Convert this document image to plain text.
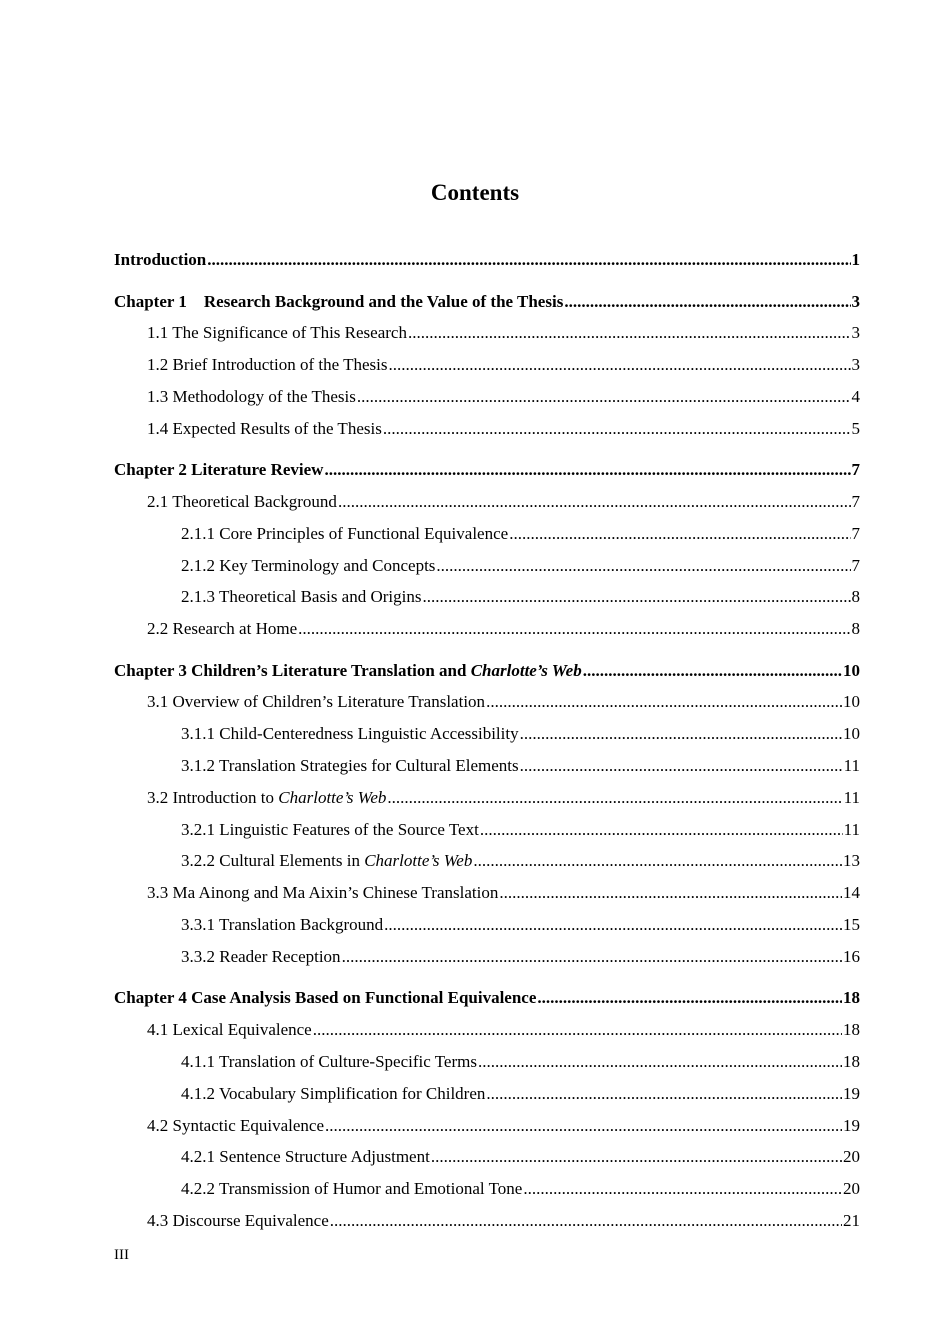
Contents
Introduction .....	1
Chapter 1    Research Background and the Value of the Thesis .....	3
1.1 The Significance of This Research .....	3
1.2 Brief Introduction of the Thesis .....	3
1.3 Methodology of the Thesis .....	4
1.4 Expected Results of the Thesis .....	5
Chapter 2 Literature Review .....	7
2.1 Theoretical Background .....	7
2.1.1 Core Principles of Functional Equivalence .....	7
2.1.2 Key Terminology and Concepts .....	7
2.1.3 Theoretical Basis and Origins .....	8
2.2 Research at Home .....	8
Chapter 3 Children’s Literature Translation and Charlotte’s Web .....	10
3.1 Overview of Children’s Literature Translation .....	10
3.1.1 Child-Centeredness Linguistic Accessibility .....	10
3.1.2 Translation Strategies for Cultural Elements .....	11
3.2 Introduction to Charlotte’s Web .....	11
3.2.1 Linguistic Features of the Source Text .....	11
3.2.2 Cultural Elements in Charlotte’s Web .....	13
3.3 Ma Ainong and Ma Aixin’s Chinese Translation .....	14
3.3.1 Translation Background .....	15
3.3.2 Reader Reception .....	16
Chapter 4 Case Analysis Based on Functional Equivalence .....	18
4.1 Lexical Equivalence .....	18
4.1.1 Translation of Culture-Specific Terms .....	18
4.1.2 Vocabulary Simplification for Children .....	19
4.2 Syntactic Equivalence .....	19
4.2.1 Sentence Structure Adjustment .....	20
4.2.2 Transmission of Humor and Emotional Tone .....	20
4.3 Discourse Equivalence .....	21
III
